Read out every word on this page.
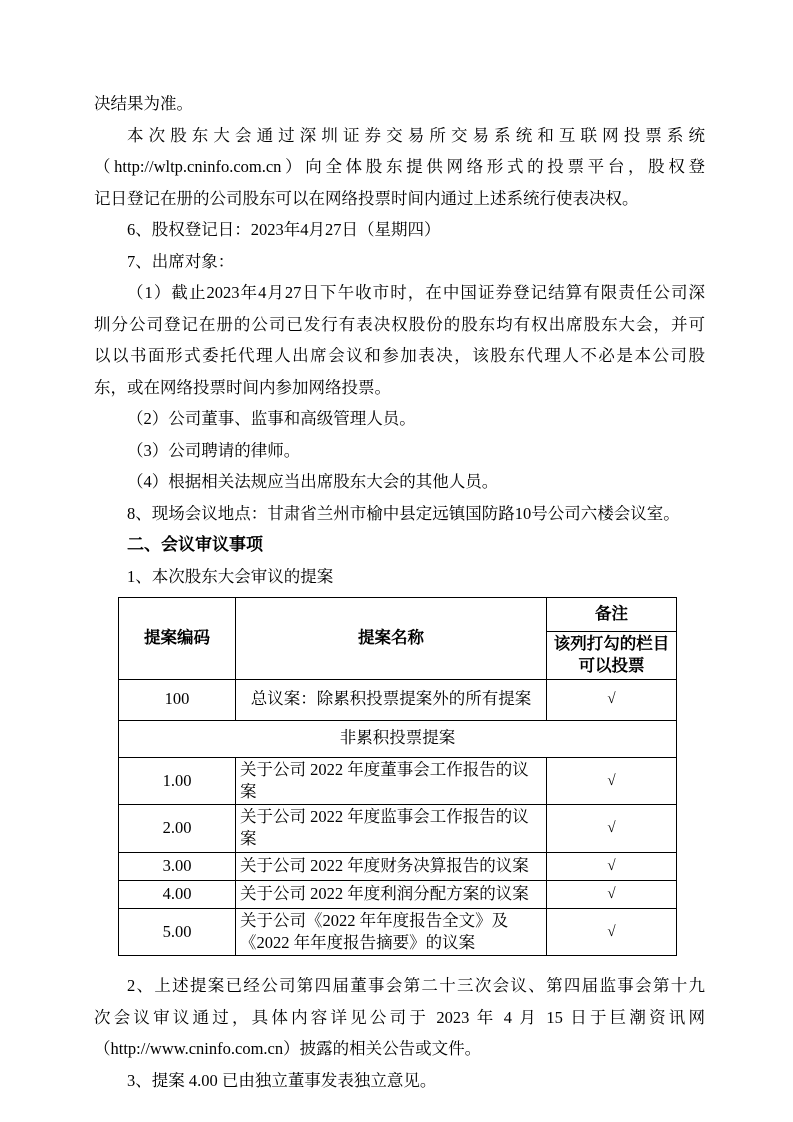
决结果为准。
本次股东大会通过深圳证券交易所交易系统和互联网投票系统
（http://wltp.cninfo.com.cn）向全体股东提供网络形式的投票平台，股权登
记日登记在册的公司股东可以在网络投票时间内通过上述系统行使表决权。
6、股权登记日：2023年4月27日（星期四）
7、出席对象：
（1）截止2023年4月27日下午收市时，在中国证券登记结算有限责任公司深
圳分公司登记在册的公司已发行有表决权股份的股东均有权出席股东大会，并可
以以书面形式委托代理人出席会议和参加表决，该股东代理人不必是本公司股
东，或在网络投票时间内参加网络投票。
（2）公司董事、监事和高级管理人员。
（3）公司聘请的律师。
（4）根据相关法规应当出席股东大会的其他人员。
8、现场会议地点：甘肃省兰州市榆中县定远镇国防路10号公司六楼会议室。
二、会议审议事项
1、本次股东大会审议的提案
提案编码	提案名称	备注
		该列打勾的栏目可以投票
100	总议案：除累积投票提案外的所有提案	√
非累积投票提案		
1.00	关于公司 2022 年度董事会工作报告的议案	√
2.00	关于公司 2022 年度监事会工作报告的议案	√
3.00	关于公司 2022 年度财务决算报告的议案	√
4.00	关于公司 2022 年度利润分配方案的议案	√
5.00	关于公司《2022 年年度报告全文》及《2022 年年度报告摘要》的议案	√
2、上述提案已经公司第四届董事会第二十三次会议、第四届监事会第十九
次会议审议通过，具体内容详见公司于 2023 年 4 月 15 日于巨潮资讯网
（http://www.cninfo.com.cn）披露的相关公告或文件。
3、提案 4.00 已由独立董事发表独立意见。
